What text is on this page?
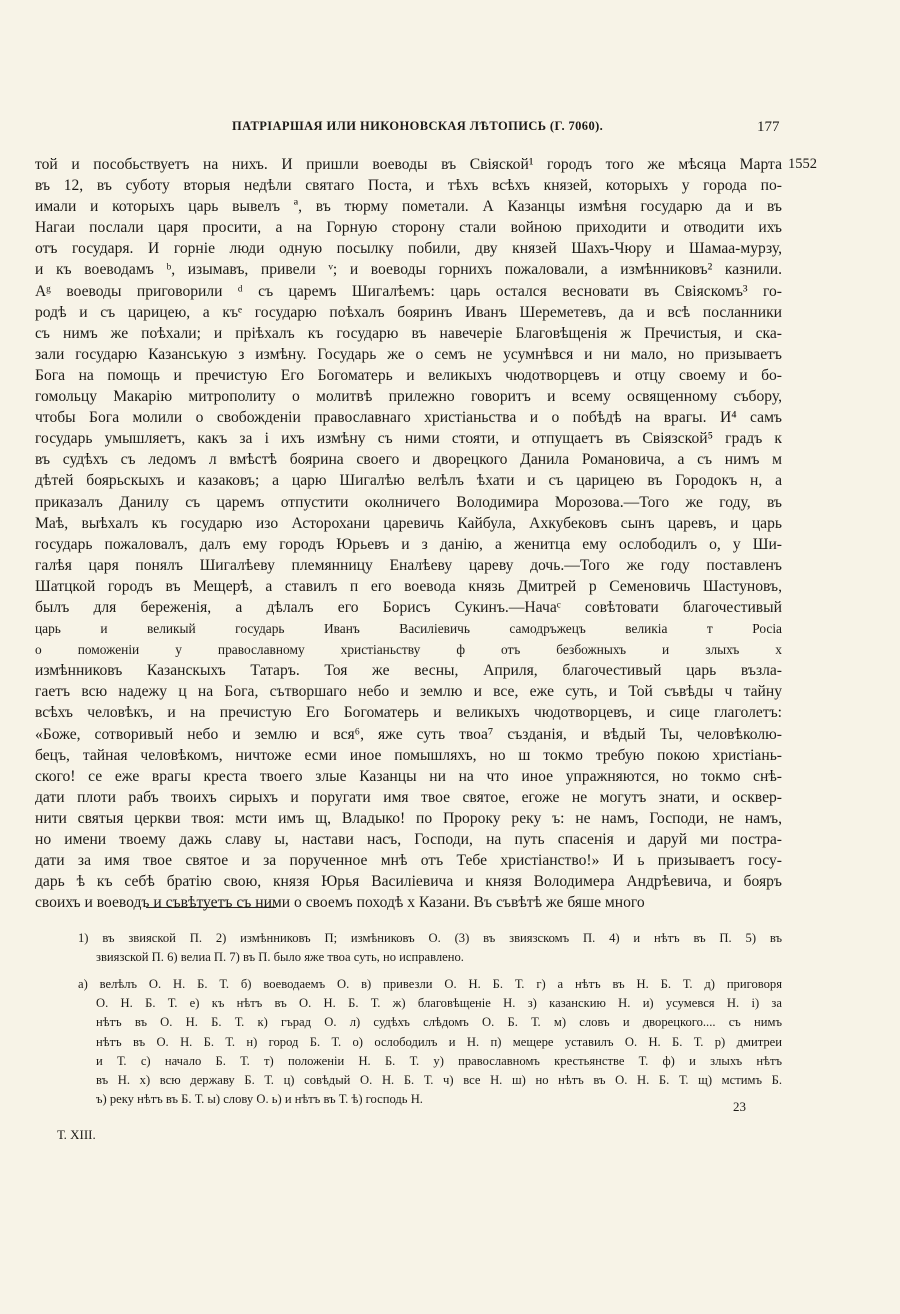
ПАТРІАРШАЯ ИЛИ НИКОНОВСКАЯ ЛѢТОПИСЬ (Г. 7060).	177
1552
той и пособьствуетъ на нихъ. И пришли воеводы въ Свіяской¹ городъ того же мѣсяца Марта
въ 12, въ суботу вторыя недѣли святаго Поста, и тѣхъ всѣхъ князей, которыхъ у города по-
имали и которыхъ царь вывелъ ª, въ тюрму пометали. А Казанцы измѣня государю да и въ
Нагаи послали царя просити, а на Горную сторону стали войною приходити и отводити ихъ
отъ государя. И горніе люди одную посылку побили, дву князей Шахъ-Чюру и Шамаа-мурзу,
и къ воеводамъ ᵇ, изымавъ, привели ᵛ; и воеводы горнихъ пожаловали, а измѣнниковъ² казнили.
Аᵍ воеводы приговорили ᵈ съ царемъ Шигалѣемъ: царь остался весновати въ Свіяскомъ³ го-
родѣ и съ царицею, а къᵉ государю поѣхалъ бояринъ Иванъ Шереметевъ, да и всѣ посланники
съ нимъ же поѣхали; и пріѣхалъ къ государю въ навечеріе Благовѣщенія ж Пречистыя, и ска-
зали государю Казанськую з измѣну. Государь же о семъ не усумнѣвся и ни мало, но призываетъ
Бога на помощь и пречистую Его Богоматерь и великыхъ чюдотворцевъ и отцу своему и бо-
гомольцу Макарію митрополиту о молитвѣ прилежно говоритъ и всему освященному събору,
чтобы Бога молили о свобожденіи православнаго христіаньства и о побѣдѣ на врагы. И⁴ самъ
государь умышляетъ, какъ за і ихъ измѣну съ ними стояти, и отпущаетъ въ Свіязской⁵ градъ к
въ судѣхъ съ ледомъ л вмѣстѣ бояринa своего и дворецкого Данила Романовича, а съ нимъ м
дѣтей боярьскыхъ и казаковъ; а царю Шигалѣю велѣлъ ѣхати и съ царицею въ Городокъ н, а
приказалъ Данилу съ царемъ отпустити околничего Володимира Морозова.—Того же году, въ
Маѣ, выѣхалъ къ государю изо Асторохани царевичь Кайбула, Ахкубековъ сынъ царевъ, и царь
государь пожаловалъ, далъ ему городъ Юрьевъ и з данію, а женитца ему ослободилъ о, у Ши-
галѣя царя понялъ Шигалѣеву племянницу Еналѣеву цареву дочь.—Того же году поставленъ
Шатцкой городъ въ Мещерѣ, а ставилъ п его воевода князь Дмитрей р Семеновичь Шастуновъ,
былъ для береженія, а дѣлалъ его Борисъ Сукинъ.—Начаᶜ совѣтовати благочестивый
царь и великый государь Иванъ Василіевичь самодръжецъ великіа т Росіа
о поможеніи у православному христіаньству ф отъ безбожныхъ и злыхъ х
измѣнниковъ Казанскыхъ Татаръ. Тоя же весны, Априля, благочестивый царь възла-
гаетъ всю надежу ц на Бога, сътворшаго небо и землю и все, еже суть, и Той съвѣды ч тайну
всѣхъ человѣкъ, и на пречистую Его Богоматерь и великыхъ чюдотворцевъ, и сице глаголетъ:
«Боже, сотворивый небо и землю и вся⁶, яже суть твоа⁷ създанія, и вѣдый Ты, человѣколю-
бецъ, тайная человѣкомъ, ничтоже есми иное помышляхъ, но ш токмо требую покою христіань-
ского! се еже врагы креста твоего злые Казанцы ни на что иное упражняются, но токмо снѣ-
дати плоти рабъ твоихъ сирыхъ и поругати имя твое святое, егоже не могутъ знати, и осквер-
нити святыя церкви твоя: мсти имъ щ, Владыко! по Пророку реку ъ: не намъ, Господи, не намъ,
но имени твоему дажь славу ы, настави насъ, Господи, на путь спасенія и даруй ми постра-
дати за имя твое святое и за порученное мнѣ отъ Тебе христіанство!» И ь призываетъ госу-
дарь ѣ къ себѣ братію свою, князя Юрья Василіевича и князя Володимера Андрѣевича, и бояръ
своихъ и воеводъ и съвѣтуетъ съ ними о своемъ походѣ х Казани. Въ съвѣтѣ же бяше много
1) въ звияской П. 2) измѣнниковъ П; измѣниковъ О. (3) въ звиязскомъ П. 4) и нѣтъ въ П. 5) въ
звиязской П. 6) велиа П. 7) въ П. было яже твоа суть, но исправлено.
а) велѣлъ О. Н. Б. Т. б) воеводаемъ О. в) привезли О. Н. Б. Т. г) а нѣтъ въ Н. Б. Т. д) приговоря
О. Н. Б. Т. е) къ нѣтъ въ О. Н. Б. Т. ж) благовѣщеніе Н. з) казанскию Н. и) усумевся Н. і) за
нѣтъ въ О. Н. Б. Т. к) гърад О. л) судѣхъ слѣдомъ О. Б. Т. м) словъ и дворецкого.... съ нимъ
нѣтъ въ О. Н. Б. Т. н) город Б. Т. о) ослободилъ и Н. п) мещере уставилъ О. Н. Б. Т. р) дмитреи
и Т. с) начало Б. Т. т) положеніи Н. Б. Т. у) православномъ крестьянстве Т. ф) и злыхъ нѣтъ
въ Н. х) всю державу Б. Т. ц) совѣдый О. Н. Б. Т. ч) все Н. ш) но нѣтъ въ О. Н. Б. Т. щ) мстимъ Б.
ъ) реку нѣтъ въ Б. Т. ы) слову О. ь) и нѣтъ въ Т. ѣ) господь Н.
Т. XIII.
23
